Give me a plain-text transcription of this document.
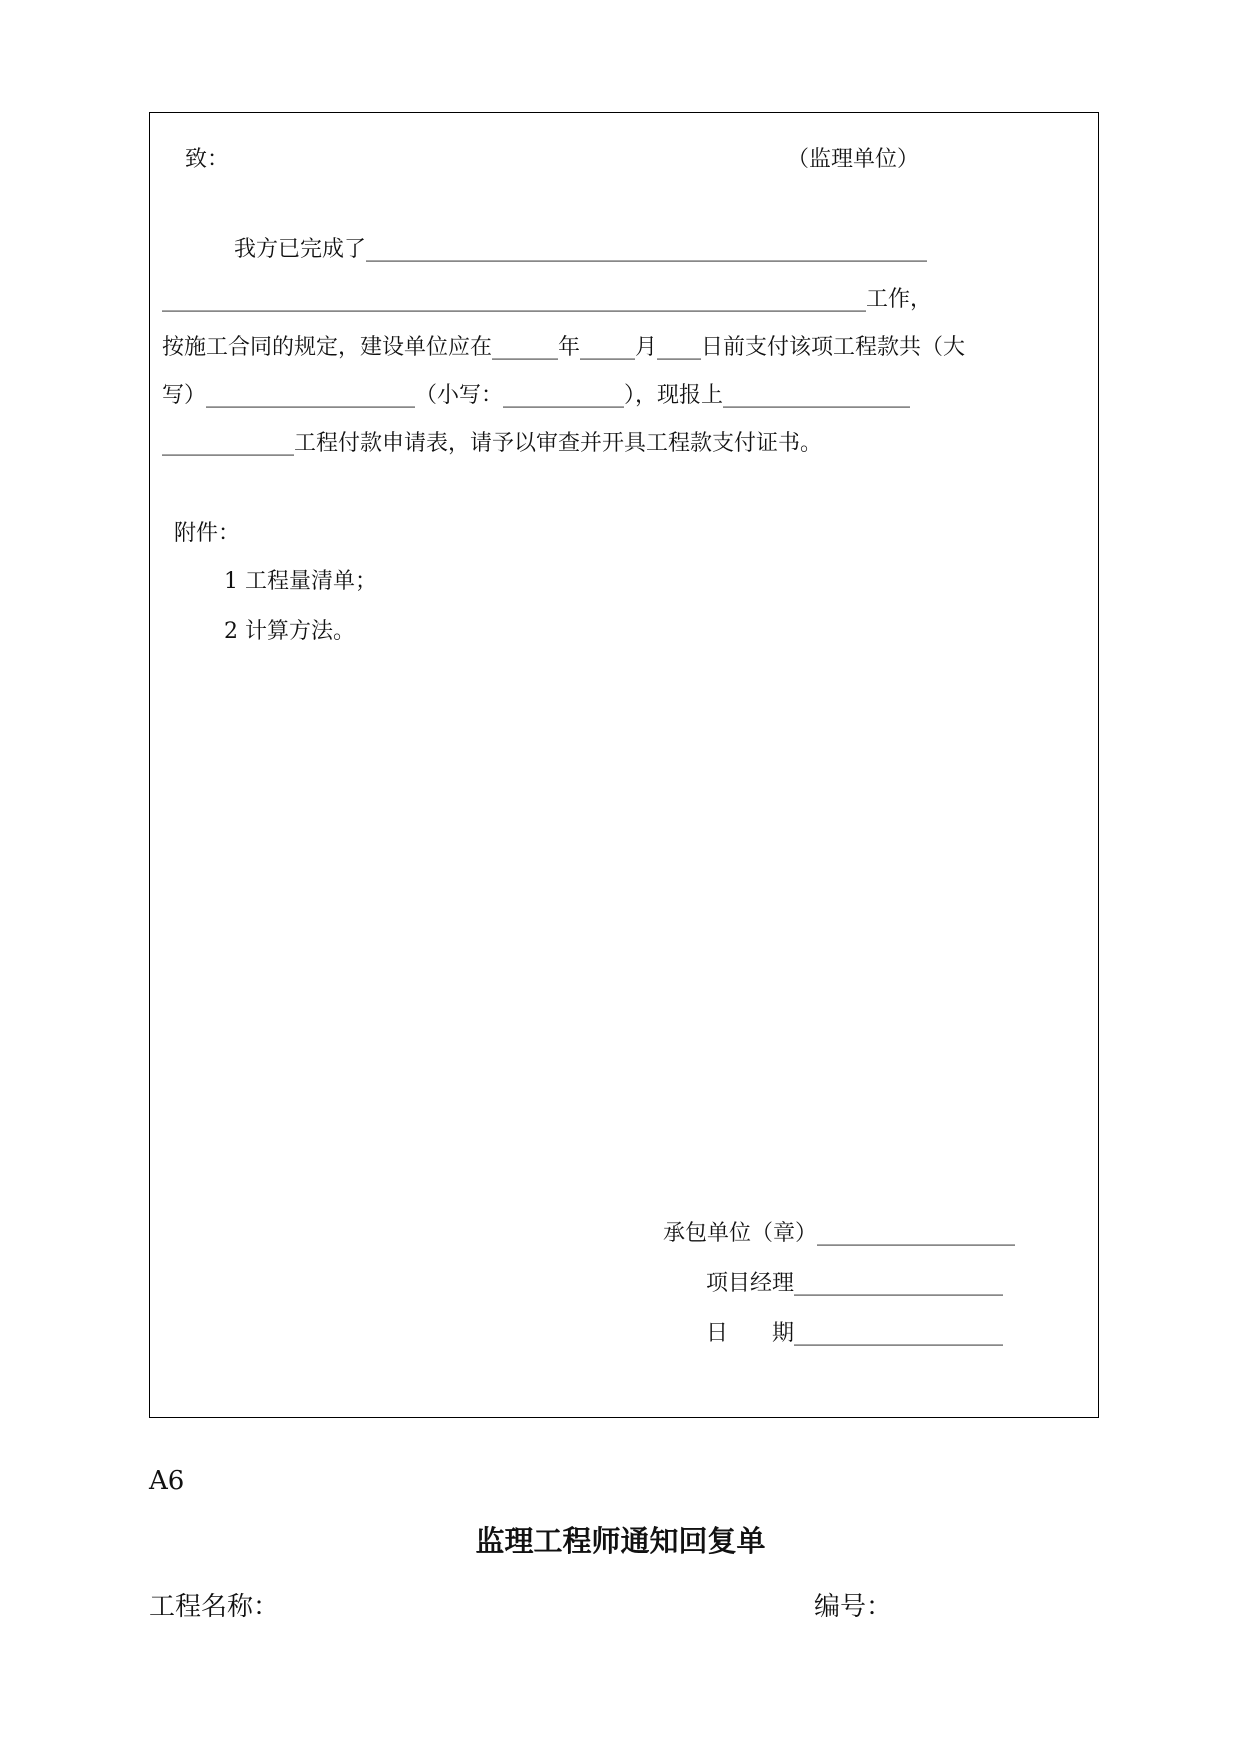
致：	（监理单位）
我方已完成了___________________________________________________
________________________________________________________________工作，
按施工合同的规定，建设单位应在______年_____月____日前支付该项工程款共（大
写）___________________（小写：___________），现报上_________________
____________工程付款申请表，请予以审查并开具工程款支付证书。
附件：
1 工程量清单；
2 计算方法。
承包单位（章）__________________
项目经理___________________
日　　期___________________
A6
监理工程师通知回复单
工程名称：	编号：
